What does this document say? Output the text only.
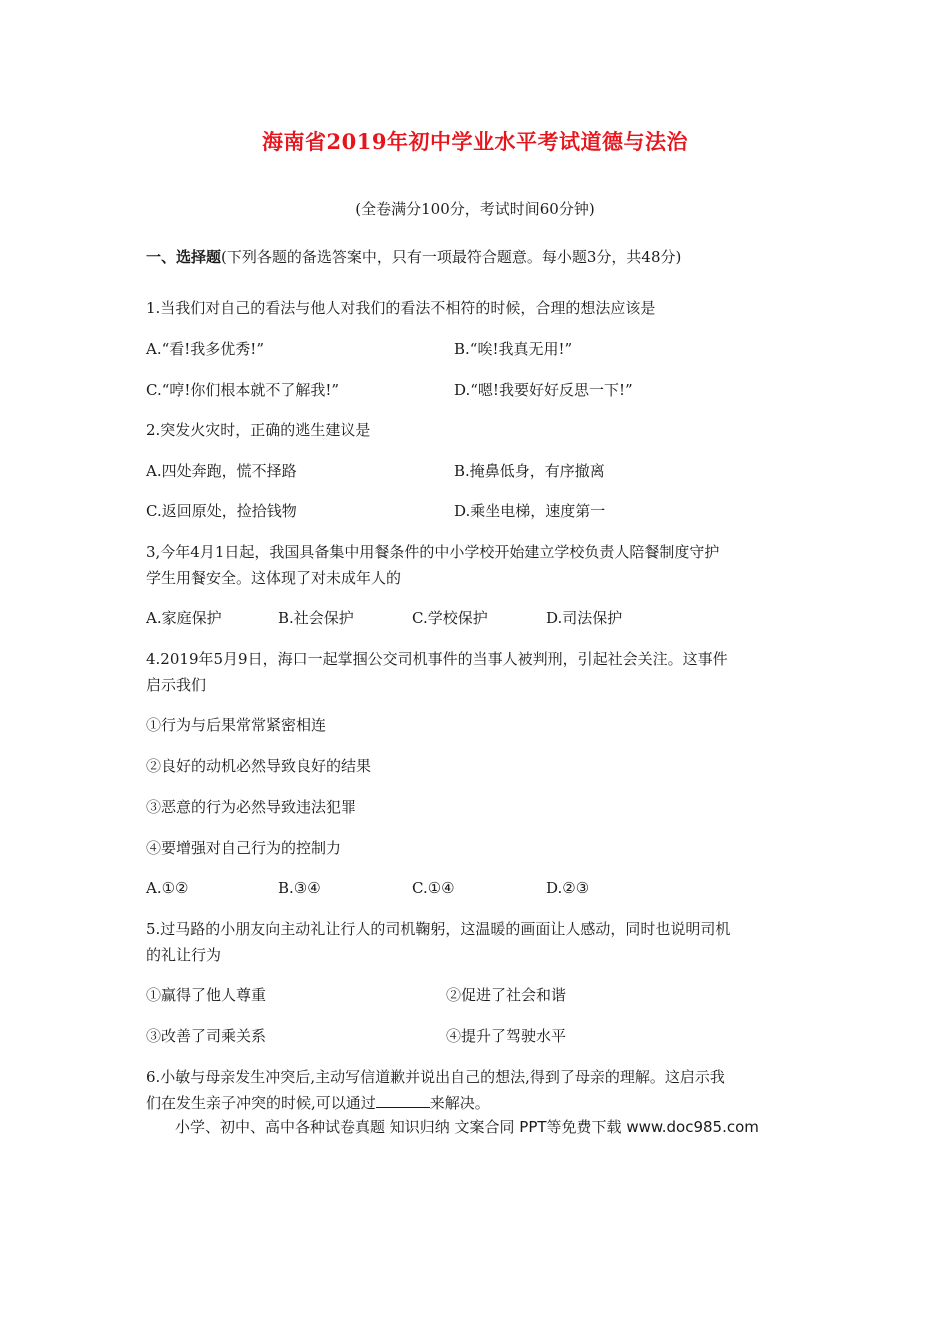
海南省2019年初中学业水平考试道德与法治
(全卷满分100分，考试时间60分钟)
一、选择题(下列各题的备选答案中，只有一项最符合题意。每小题3分，共48分)
1.当我们对自己的看法与他人对我们的看法不相符的时候，合理的想法应该是
A.“看!我多优秀!”	B.“唉!我真无用!”
C.“哼!你们根本就不了解我!”	D.“嗯!我要好好反思一下!”
2.突发火灾时，正确的逃生建议是
A.四处奔跑，慌不择路	B.掩鼻低身，有序撤离
C.返回原处，捡拾钱物	D.乘坐电梯，速度第一
3,今年4月1日起，我国具备集中用餐条件的中小学校开始建立学校负责人陪餐制度守护
学生用餐安全。这体现了对未成年人的
A.家庭保护	B.社会保护	C.学校保护	D.司法保护
4.2019年5月9日，海口一起掌掴公交司机事件的当事人被判刑，引起社会关注。这事件
启示我们
①行为与后果常常紧密相连
②良好的动机必然导致良好的结果
③恶意的行为必然导致违法犯罪
④要增强对自己行为的控制力
A.①②	B.③④	C.①④	D.②③
5.过马路的小朋友向主动礼让行人的司机鞠躬，这温暖的画面让人感动，同时也说明司机
的礼让行为
①赢得了他人尊重	②促进了社会和谐
③改善了司乘关系	④提升了驾驶水平
6.小敏与母亲发生冲突后,主动写信道歉并说出自己的想法,得到了母亲的理解。这启示我
们在发生亲子冲突的时候,可以通过	来解决。
小学、初中、高中各种试卷真题 知识归纳 文案合同 PPT等免费下载 www.doc985.com
